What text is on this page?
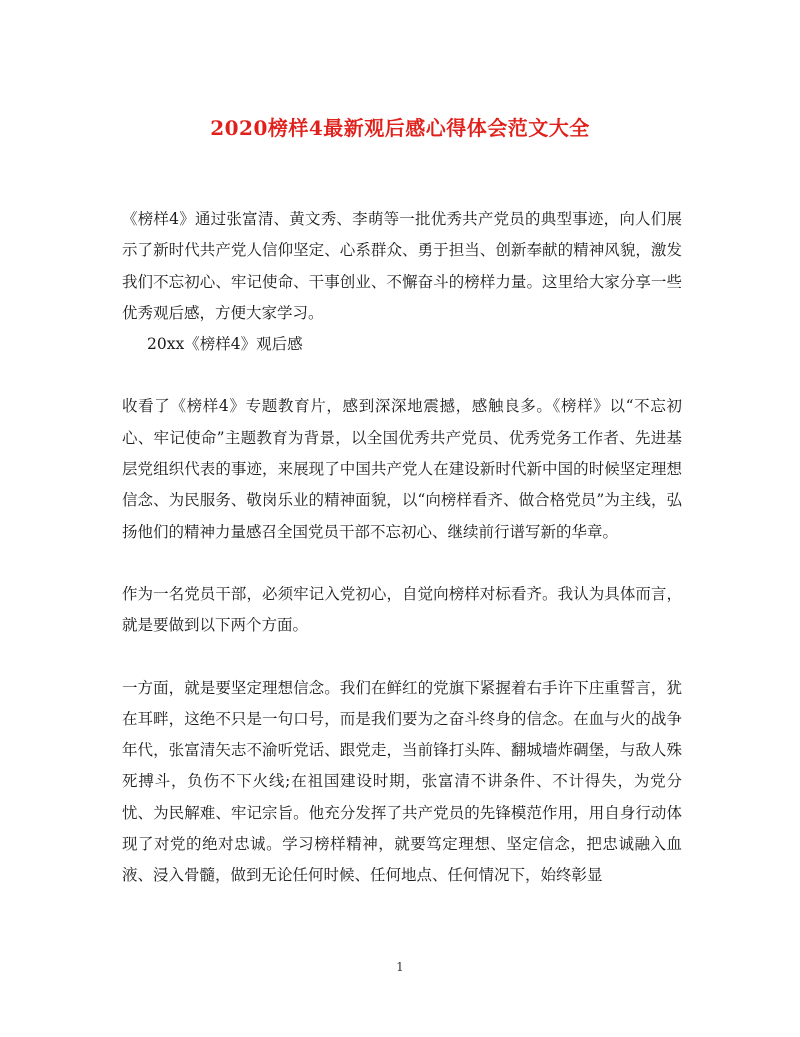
2020榜样4最新观后感心得体会范文大全

《榜样4》通过张富清、黄文秀、李萌等一批优秀共产党员的典型事迹，向人们展示了新时代共产党人信仰坚定、心系群众、勇于担当、创新奉献的精神风貌，激发我们不忘初心、牢记使命、干事创业、不懈奋斗的榜样力量。这里给大家分享一些优秀观后感，方便大家学习。

20xx《榜样4》观后感

收看了《榜样4》专题教育片，感到深深地震撼，感触良多。《榜样》以“不忘初心、牢记使命”主题教育为背景，以全国优秀共产党员、优秀党务工作者、先进基层党组织代表的事迹，来展现了中国共产党人在建设新时代新中国的时候坚定理想信念、为民服务、敬岗乐业的精神面貌，以“向榜样看齐、做合格党员”为主线，弘扬他们的精神力量感召全国党员干部不忘初心、继续前行谱写新的华章。

作为一名党员干部，必须牢记入党初心，自觉向榜样对标看齐。我认为具体而言，就是要做到以下两个方面。

一方面，就是要坚定理想信念。我们在鲜红的党旗下紧握着右手许下庄重誓言，犹在耳畔，这绝不只是一句口号，而是我们要为之奋斗终身的信念。在血与火的战争年代，张富清矢志不渝听党话、跟党走，当前锋打头阵、翻城墙炸碉堡，与敌人殊死搏斗，负伤不下火线;在祖国建设时期，张富清不讲条件、不计得失，为党分忧、为民解难、牢记宗旨。他充分发挥了共产党员的先锋模范作用，用自身行动体现了对党的绝对忠诚。学习榜样精神，就要笃定理想、坚定信念，把忠诚融入血液、浸入骨髓，做到无论任何时候、任何地点、任何情况下，始终彰显

1
